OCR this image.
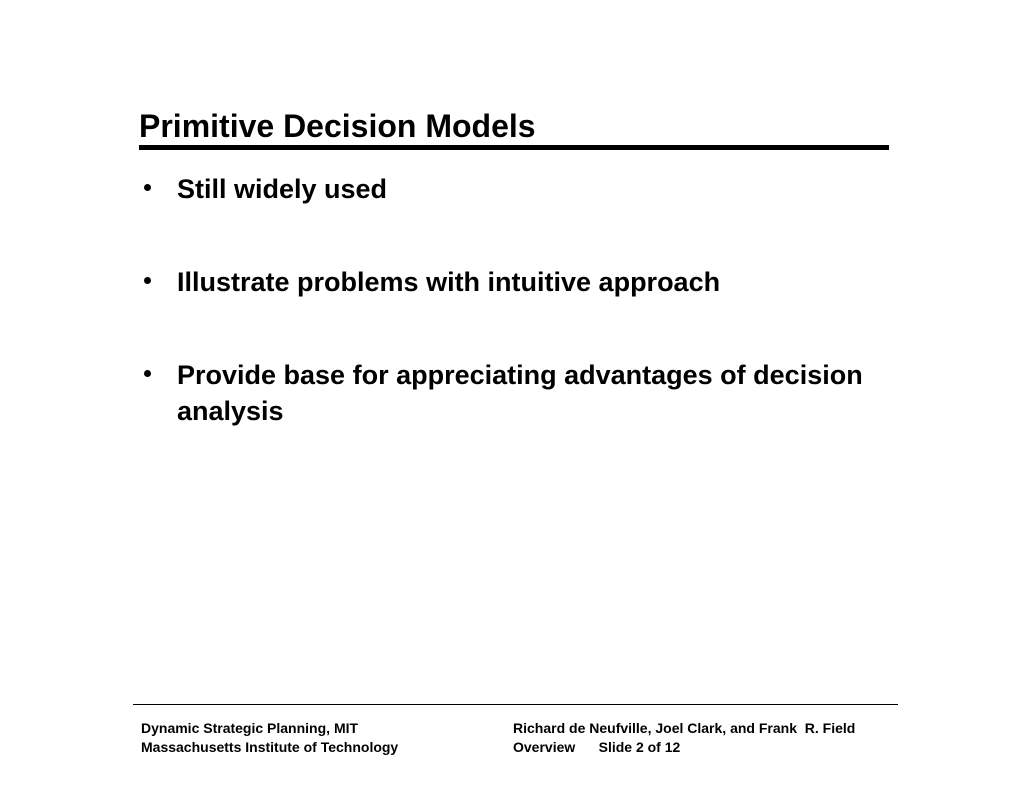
Primitive Decision Models
Still widely used
Illustrate problems with intuitive approach
Provide base for appreciating advantages of decision analysis
Dynamic Strategic Planning, MIT
Massachusetts Institute of Technology
Richard de Neufville, Joel Clark, and Frank  R. Field
Overview      Slide 2 of 12
